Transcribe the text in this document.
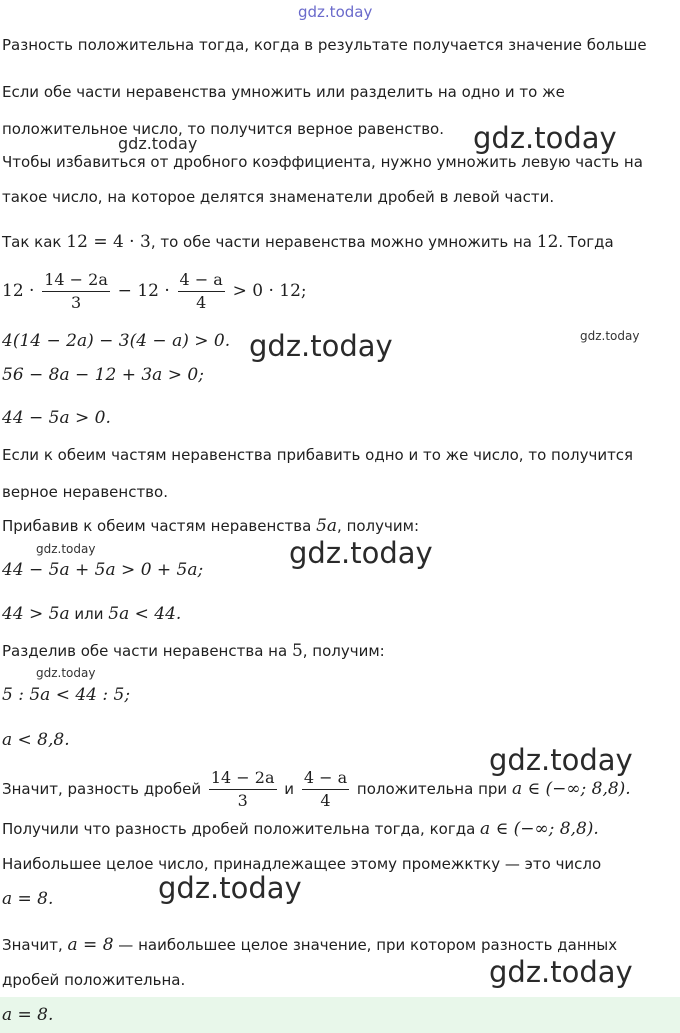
gdz.today
Разность положительна тогда, когда в результате получается значение больше
Если обе части неравенства умножить или разделить на одно и то же
положительное число, то получится верное равенство.
Чтобы избавиться от дробного коэффициента, нужно умножить левую часть на
такое число, на которое делятся знаменатели дробей в левой части.
Так как 12 = 4 · 3, то обе части неравенства можно умножить на 12. Тогда
$12 \cdot \frac{14 - 2a}{3} - 12 \cdot \frac{4 - a}{4} > 0 \cdot 12$;
4(14 − 2a) − 3(4 − a) > 0.
56 − 8a − 12 + 3a > 0;
44 − 5a > 0.
Если к обеим частям неравенства прибавить одно и то же число, то получится
верное неравенство.
Прибавив к обеим частям неравенства 5a, получим:
44 − 5a + 5a > 0 + 5a;
44 > 5a или 5a < 44.
Разделив обе части неравенства на 5, получим:
5 : 5a < 44 : 5;
a < 8,8.
Значит, разность дробей $\frac{14 - 2a}{3}$ и $\frac{4 - a}{4}$ положительна при a ∈ (−∞; 8,8).
Получили что разность дробей положительна тогда, когда a ∈ (−∞; 8,8).
Наибольшее целое число, принадлежащее этому промежктку — это число
a = 8.
Значит, a = 8 — наибольшее целое значение, при котором разность данных
дробей положительна.
a = 8.
gdz.today	gdz.today
gdz.today	gdz.today
gdz.today	gdz.today
gdz.today
gdz.today
gdz.today
gdz.today
